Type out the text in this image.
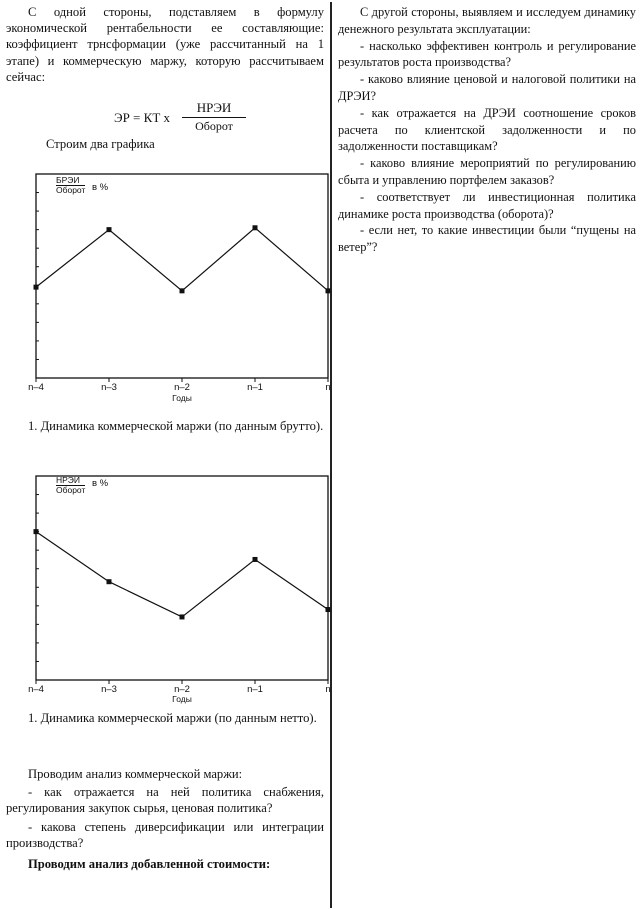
С одной стороны, подставляем в формулу экономической рентабельности ее составляющие: коэффициент трнсформации (уже рассчитанный на 1 этапе) и коммерческую маржу, которую рассчитываем сейчас:

ЭР = КТ х
НРЭИ
Оборот

Строим два графика

БРЭИ
Оборот в %
n–4	n–3	n–2	n–1	n
Годы

1. Динамика коммерческой маржи (по данным брутто).

НРЭИ
Оборот
в %
n–4	n–3	n–2	n–1	n
Годы

1. Динамика коммерческой маржи (по данным нетто).

Проводим анализ коммерческой маржи:

- как отражается на ней политика снабжения, регулирования закупок сырья, ценовая политика?

- какова степень диверсификации или интеграции производства?

Проводим анализ добавленной стоимости:

С другой стороны, выявляем и исследуем динамику денежного результата эксплуатации:

- насколько эффективен контроль и регулирование результатов роста производства?

- каково влияние ценовой и налоговой политики на ДРЭИ?

- как отражается на ДРЭИ соотношение сроков расчета по клиентской задолженности и по задолженности поставщикам?

- каково влияние мероприятий по регулированию сбыта и управлению портфелем заказов?

- соответствует ли инвестиционная политика динамике роста производства (оборота)?

- если нет, то какие инвестиции были “пущены на ветер”?
